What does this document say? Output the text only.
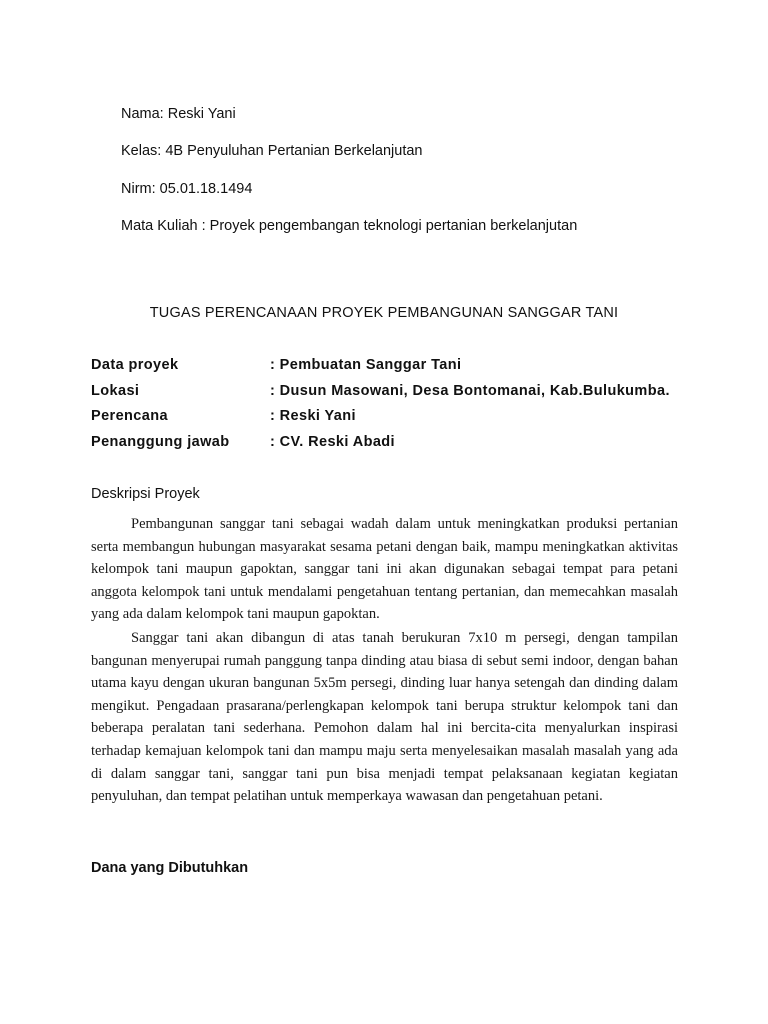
Nama: Reski Yani
Kelas: 4B Penyuluhan Pertanian Berkelanjutan
Nirm: 05.01.18.1494
Mata Kuliah : Proyek pengembangan teknologi pertanian berkelanjutan
TUGAS PERENCANAAN PROYEK PEMBANGUNAN SANGGAR TANI
Data proyek	: Pembuatan Sanggar Tani
Lokasi	: Dusun Masowani, Desa Bontomanai, Kab.Bulukumba.
Perencana	: Reski Yani
Penanggung jawab	: CV. Reski Abadi
Deskripsi Proyek

Pembangunan sanggar tani sebagai wadah dalam untuk meningkatkan produksi pertanian serta membangun hubungan masyarakat sesama petani dengan baik, mampu meningkatkan aktivitas kelompok tani maupun gapoktan, sanggar tani ini akan digunakan sebagai tempat para petani anggota kelompok tani untuk mendalami pengetahuan tentang pertanian, dan memecahkan masalah yang ada dalam kelompok tani maupun gapoktan.

Sanggar tani akan dibangun di atas tanah berukuran 7x10 m persegi, dengan tampilan bangunan menyerupai rumah panggung tanpa dinding atau biasa di sebut semi indoor, dengan bahan utama kayu dengan ukuran bangunan 5x5m persegi, dinding luar hanya setengah dan dinding dalam mengikut. Pengadaan prasarana/perlengkapan kelompok tani berupa struktur kelompok tani dan beberapa peralatan tani sederhana. Pemohon dalam hal ini bercita-cita menyalurkan inspirasi terhadap kemajuan kelompok tani dan mampu maju serta menyelesaikan masalah masalah yang ada di dalam sanggar tani, sanggar tani pun bisa menjadi tempat pelaksanaan kegiatan kegiatan penyuluhan, dan tempat pelatihan untuk memperkaya wawasan dan pengetahuan petani.

Dana yang Dibutuhkan
